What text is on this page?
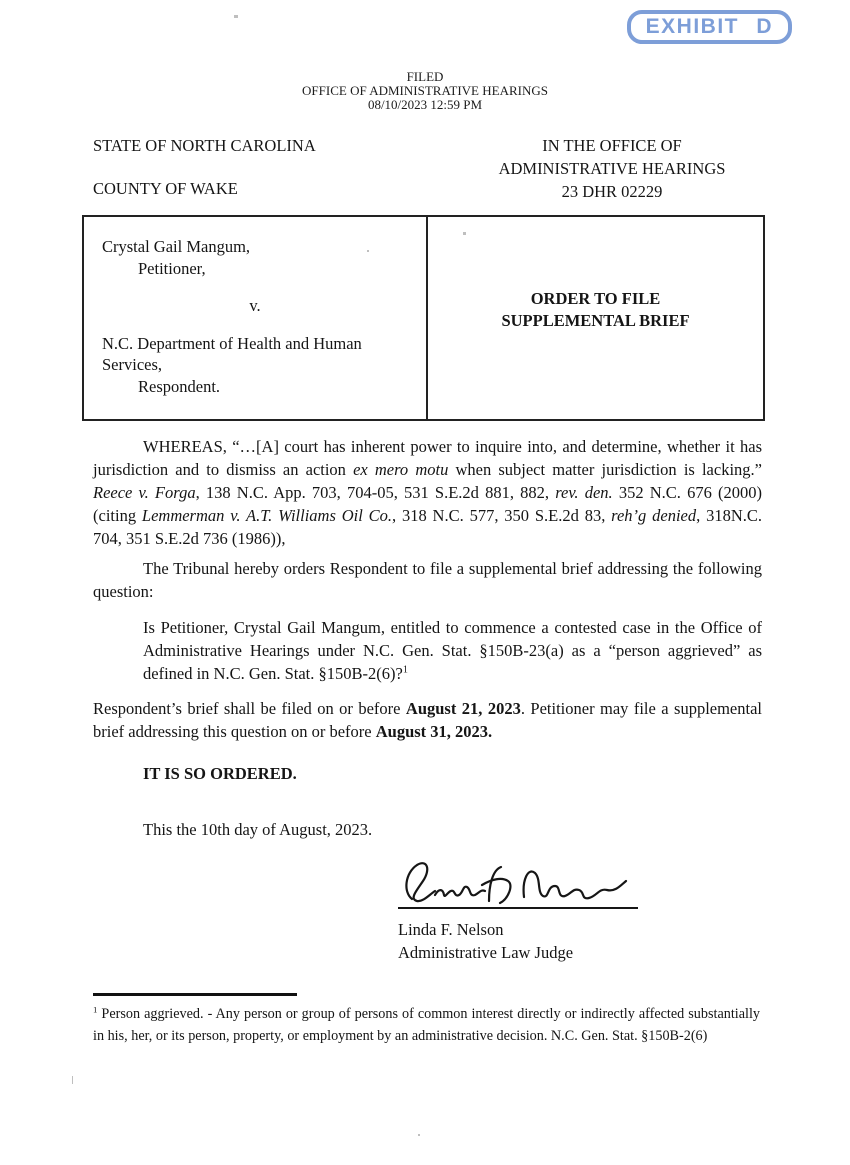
EXHIBIT D
FILED
OFFICE OF ADMINISTRATIVE HEARINGS
08/10/2023 12:59 PM
STATE OF NORTH CAROLINA
COUNTY OF WAKE
IN THE OFFICE OF
ADMINISTRATIVE HEARINGS
23 DHR 02229
Crystal Gail Mangum,
Petitioner,
v.
N.C. Department of Health and Human
Services,
Respondent.
ORDER TO FILE
SUPPLEMENTAL BRIEF
WHEREAS, “…[A] court has inherent power to inquire into, and determine, whether it has jurisdiction and to dismiss an action ex mero motu when subject matter jurisdiction is lacking.” Reece v. Forga, 138 N.C. App. 703, 704-05, 531 S.E.2d 881, 882, rev. den. 352 N.C. 676 (2000)(citing Lemmerman v. A.T. Williams Oil Co., 318 N.C. 577, 350 S.E.2d 83, reh’g denied, 318N.C. 704, 351 S.E.2d 736 (1986)),
The Tribunal hereby orders Respondent to file a supplemental brief addressing the following question:
Is Petitioner, Crystal Gail Mangum, entitled to commence a contested case in the Office of Administrative Hearings under N.C. Gen. Stat. §150B-23(a) as a “person aggrieved” as defined in N.C. Gen. Stat. §150B-2(6)?$^1$
Respondent’s brief shall be filed on or before August 21, 2023. Petitioner may file a supplemental brief addressing this question on or before August 31, 2023.
IT IS SO ORDERED.
This the 10th day of August, 2023.
Linda F. Nelson
Administrative Law Judge
$^1$ Person aggrieved. - Any person or group of persons of common interest directly or indirectly affected substantially in his, her, or its person, property, or employment by an administrative decision. N.C. Gen. Stat. §150B-2(6)
